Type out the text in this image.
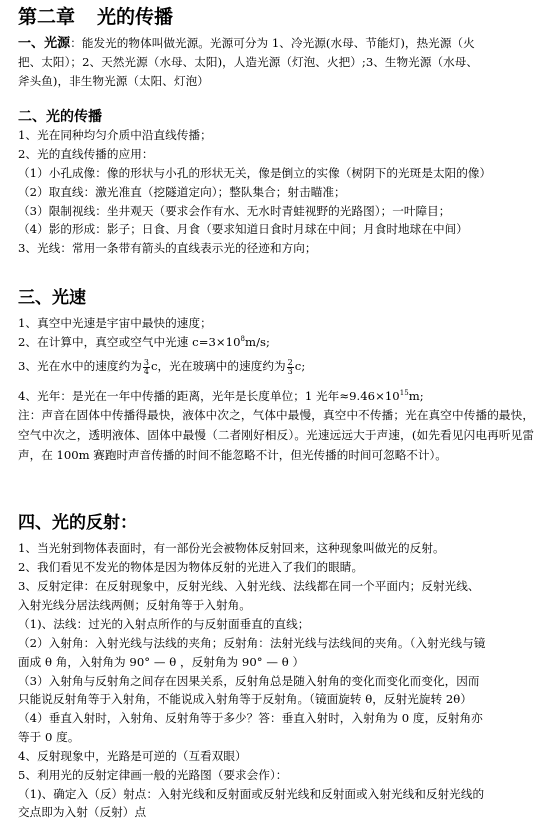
第二章 光的传播
一、光源：能发光的物体叫做光源。光源可分为 1、冷光源(水母、节能灯)，热光源（火
把、太阳）；2、天然光源（水母、太阳)，人造光源（灯泡、火把）;3、生物光源（水母、
斧头鱼)，非生物光源（太阳、灯泡）
二、光的传播
1、光在同种均匀介质中沿直线传播；
2、光的直线传播的应用：
（1）小孔成像：像的形状与小孔的形状无关，像是倒立的实像（树阴下的光斑是太阳的像）
（2）取直线：激光准直（挖隧道定向）；整队集合；射击瞄准；
（3）限制视线：坐井观天（要求会作有水、无水时青蛙视野的光路图）；一叶障目；
（4）影的形成：影子；日食、月食（要求知道日食时月球在中间；月食时地球在中间）
3、光线：常用一条带有箭头的直线表示光的径迹和方向；
三、光速
1、真空中光速是宇宙中最快的速度；
2、在计算中，真空或空气中光速 $c=3\times 10^8m/s$;
3、光在水中的速度约为 $\frac{3}{4}$ c，光在玻璃中的速度约为 $\frac{2}{3} c$;
4、光年：是光在一年中传播的距离，光年是长度单位；1 光年$\approx 9.46\times 10^{15}m$;
注：声音在固体中传播得最快，液体中次之，气体中最慢，真空中不传播；光在真空中传播的最快，空气中次之，透明液体、固体中最慢（二者刚好相反）。光速远远大于声速，(如先看见闪电再听见雷声，在 100m 赛跑时声音传播的时间不能忽略不计，但光传播的时间可忽略不计）。
四、光的反射：
1、当光射到物体表面时，有一部份光会被物体反射回来，这种现象叫做光的反射。
2、我们看见不发光的物体是因为物体反射的光进入了我们的眼睛。
3、反射定律：在反射现象中，反射光线、入射光线、法线都在同一个平面内；反射光线、
入射光线分居法线两侧；反射角等于入射角。
（1)、法线：过光的入射点所作的与反射面垂直的直线；
（2）入射角：入射光线与法线的夹角；反射角：法射光线与法线间的夹角。（入射光线与镜
面成 θ 角，入射角为 90° — θ ，反射角为 90° — θ ）
（3）入射角与反射角之间存在因果关系，反射角总是随入射角的变化而变化而变化，因而
只能说反射角等于入射角，不能说成入射角等于反射角。（镜面旋转 θ，反射光旋转 2θ）
（4）垂直入射时，入射角、反射角等于多少？答：垂直入射时，入射角为 0 度，反射角亦
等于 0 度。
4、反射现象中，光路是可逆的（互看双眼）
5、利用光的反射定律画一般的光路图（要求会作）：
（1)、确定入（反）射点：入射光线和反射面或反射光线和反射面或入射光线和反射光线的
交点即为入射（反射）点
